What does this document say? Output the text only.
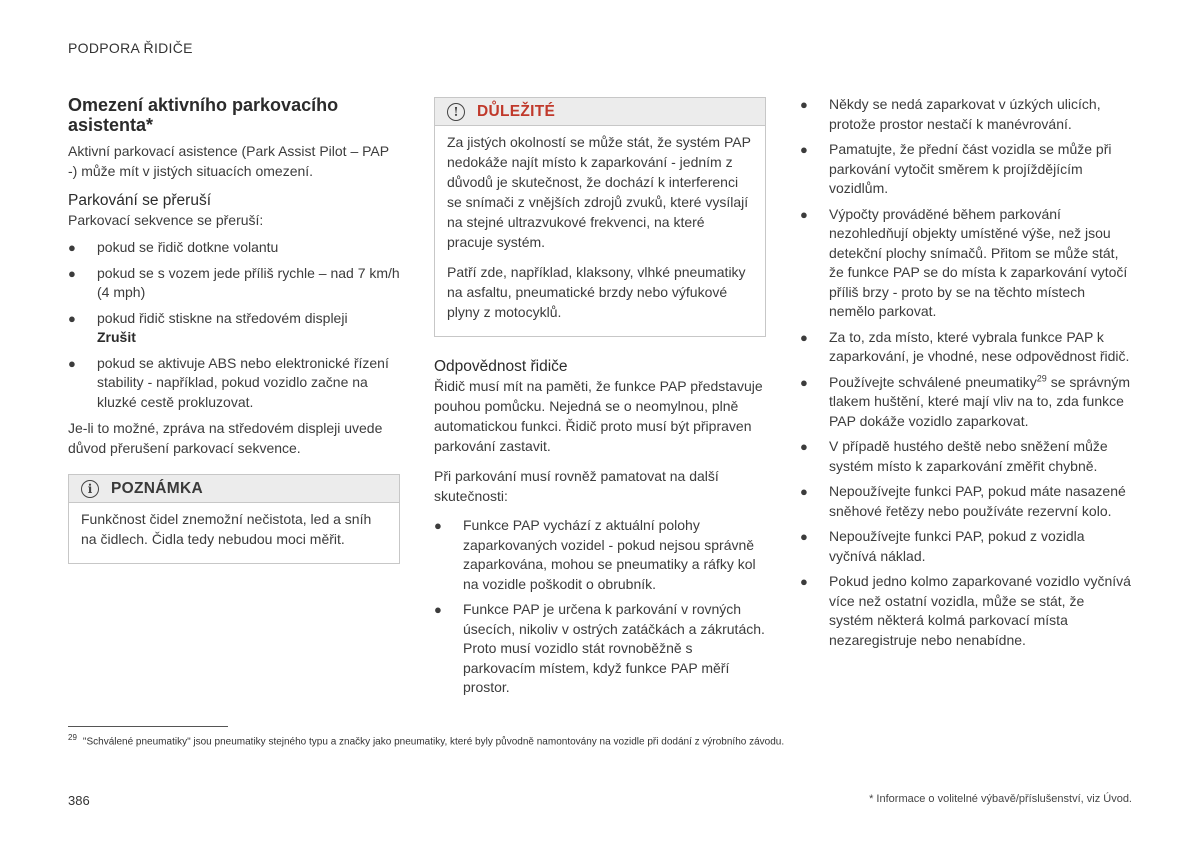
PODPORA ŘIDIČE
Omezení aktivního parkovacího asistenta*

Aktivní parkovací asistence (Park Assist Pilot – PAP -) může mít v jistých situacích omezení.

Parkování se přeruší

Parkovací sekvence se přeruší:

● pokud se řidič dotkne volantu
● pokud se s vozem jede příliš rychle – nad 7 km/h (4 mph)
● pokud řidič stiskne na středovém displeji
Zrušit
● pokud se aktivuje ABS nebo elektronické řízení stability - například, pokud vozidlo začne na kluzké cestě prokluzovat.

Je-li to možné, zpráva na středovém displeji uvede důvod přerušení parkovací sekvence.

i	POZNÁMKA

Funkčnost čidel znemožní nečistota, led a sníh na čidlech. Čidla tedy nebudou moci měřit.

!	DŮLEŽITÉ

Za jistých okolností se může stát, že systém PAP nedokáže najít místo k zaparkování - jedním z důvodů je skutečnost, že dochází k interferenci se snímači z vnějších zdrojů zvuků, které vysílají na stejné ultrazvukové frekvenci, na které pracuje systém.

Patří zde, například, klaksony, vlhké pneumatiky na asfaltu, pneumatické brzdy nebo výfukové plyny z motocyklů.

Odpovědnost řidiče

Řidič musí mít na paměti, že funkce PAP představuje pouhou pomůcku. Nejedná se o neomylnou, plně automatickou funkci. Řidič proto musí být připraven parkování zastavit.

Při parkování musí rovněž pamatovat na další skutečnosti:

● Funkce PAP vychází z aktuální polohy zaparkovaných vozidel - pokud nejsou správně zaparkována, mohou se pneumatiky a ráfky kol na vozidle poškodit o obrubník.
● Funkce PAP je určena k parkování v rovných úsecích, nikoliv v ostrých zatáčkách a zákrutách. Proto musí vozidlo stát rovnoběžně s parkovacím místem, když funkce PAP měří prostor.
● Někdy se nedá zaparkovat v úzkých ulicích, protože prostor nestačí k manévrování.
● Pamatujte, že přední část vozidla se může při parkování vytočit směrem k projíždějícím vozidlům.
● Výpočty prováděné během parkování nezohledňují objekty umístěné výše, než jsou detekční plochy snímačů. Přitom se může stát, že funkce PAP se do místa k zaparkování vytočí příliš brzy - proto by se na těchto místech nemělo parkovat.
● Za to, zda místo, které vybrala funkce PAP k zaparkování, je vhodné, nese odpovědnost řidič.
● Používejte schválené pneumatiky$^{29}$ se správným tlakem huštění, které mají vliv na to, zda funkce PAP dokáže vozidlo zaparkovat.
● V případě hustého deště nebo sněžení může systém místo k zaparkování změřit chybně.
● Nepoužívejte funkci PAP, pokud máte nasazené sněhové řetězy nebo používáte rezervní kolo.
● Nepoužívejte funkci PAP, pokud z vozidla vyčnívá náklad.
● Pokud jedno kolmo zaparkované vozidlo vyčnívá více než ostatní vozidla, může se stát, že systém některá kolmá parkovací místa nezaregistruje nebo nenabídne.
$^{29}$ "Schválené pneumatiky" jsou pneumatiky stejného typu a značky jako pneumatiky, které byly původně namontovány na vozidle při dodání z výrobního závodu.
386	* Informace o volitelné výbavě/příslušenství, viz Úvod.
